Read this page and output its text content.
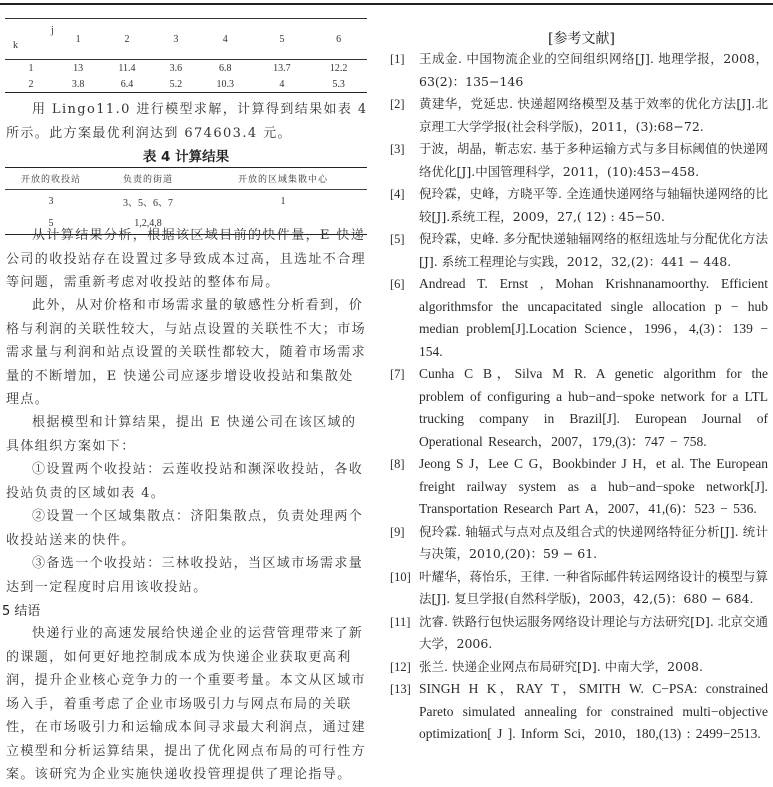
j
k	1	2	3	4	5	6
1	13	11.4	3.6	6.8	13.7	12.2
2	3.8	6.4	5.2	10.3	4	5.3

用 Lingo11.0 进行模型求解，计算得到结果如表 4 所示。此方案最优利润达到 674603.4 元。

表 4 计算结果
开放的收投站	负责的街道	开放的区域集散中心
3	3、5、6、7	1
5	1,2,4,8	

从计算结果分析，根据该区域目前的快件量，E 快递公司的收投站存在设置过多导致成本过高，且选址不合理等问题，需重新考虑对收投站的整体布局。

此外，从对价格和市场需求量的敏感性分析看到，价格与利润的关联性较大，与站点设置的关联性不大；市场需求量与利润和站点设置的关联性都较大，随着市场需求量的不断增加，E 快递公司应逐步增设收投站和集散处理点。

根据模型和计算结果，提出 E 快递公司在该区域的具体组织方案如下：

①设置两个收投站：云莲收投站和濒深收投站，各收投站负责的区域如表 4。

②设置一个区域集散点：济阳集散点，负责处理两个收投站送来的快件。

③备选一个收投站：三林收投站，当区域市场需求量达到一定程度时启用该收投站。

5 结语

快递行业的高速发展给快递企业的运营管理带来了新的课题，如何更好地控制成本成为快递企业获取更高利润，提升企业核心竞争力的一个重要考量。本文从区域市场入手，着重考虑了企业市场吸引力与网点布局的关联性，在市场吸引力和运输成本间寻求最大利润点，通过建立模型和分析运算结果，提出了优化网点布局的可行性方案。该研究为企业实施快递收投管理提供了理论指导。

[参考文献]
[1] 王成金. 中国物流企业的空间组织网络[J]. 地理学报，2008，63(2)：135−146
[2] 黄建华，党延忠. 快递超网络模型及基于效率的优化方法[J].北京理工大学学报(社会科学版)，2011，(3):68−72.
[3] 于波，胡晶，靳志宏. 基于多种运输方式与多目标阈值的快递网络优化[J].中国管理科学，2011，(10):453−458.
[4] 倪玲霖，史峰，方晓平等. 全连通快递网络与轴辐快递网络的比较[J].系统工程，2009，27,( 12) : 45−50.
[5] 倪玲霖，史峰. 多分配快递轴辐网络的枢纽选址与分配优化方法[J]. 系统工程理论与实践，2012，32,(2)：441 − 448.
[6] Andread T. Ernst , Mohan Krishnanamoorthy. Efficient algorithmsfor the uncapacitated single allocation p − hub median problem[J].Location Science，1996，4,(3)：139 − 154.
[7] Cunha C B，Silva M R. A genetic algorithm for the problem of configuring a hub−and−spoke network for a LTL trucking company in Brazil[J]. European Journal of Operational Research，2007，179,(3)：747 − 758.
[8] Jeong S J，Lee C G，Bookbinder J H，et al. The European freight railway system as a hub−and−spoke network[J]. Transportation Research Part A，2007，41,(6)：523 − 536.
[9] 倪玲霖. 轴辐式与点对点及组合式的快递网络特征分析[J]. 统计与决策，2010,(20)：59 − 61.
[10] 叶耀华，蒋怡乐，王律. 一种省际邮件转运网络设计的模型与算法[J]. 复旦学报(自然科学版)，2003，42,(5)：680 − 684.
[11] 沈睿. 铁路行包快运服务网络设计理论与方法研究[D]. 北京交通大学，2006.
[12] 张兰. 快递企业网点布局研究[D]. 中南大学，2008.
[13] SINGH H K，RAY T，SMITH W. C−PSA: constrained Pareto simulated annealing for constrained multi−objective optimization[ J ]. Inform Sci，2010，180,(13) : 2499−2513.
